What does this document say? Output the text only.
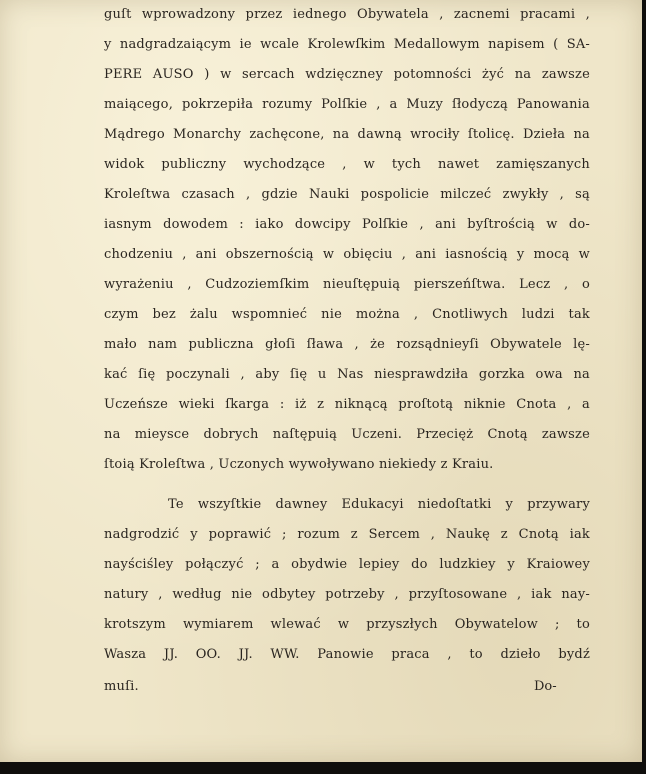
guſt wprowadzony przez iednego Obywatela , zacnemi pracami ,
y nadgradzaiącym ie wcale Krolewſkim Medallowym napisem ( SA-
PERE AUSO ) w sercach wdzięczney potomności żyć na zawsze
maiącego, pokrzepiła rozumy Polſkie , a Muzy ſłodyczą Panowania
Mądrego Monarchy zachęcone, na dawną wrociły ſtolicę. Dzieła na
widok publiczny wychodzące , w tych nawet zamięszanych
Kroleſtwa czasach , gdzie Nauki pospolicie milczeć zwykły , są
iasnym dowodem : iako dowcipy Polſkie , ani byſtrością w do-
chodzeniu , ani obszernością w obięciu , ani iasnością y mocą w
wyrażeniu , Cudzoziemſkim nieuſtępuią pierszeńſtwa. Lecz , o
czym bez żalu wspomnieć nie można , Cnotliwych ludzi tak
mało nam publiczna głoſi ſława , że rozsądnieyſi Obywatele lę-
kać ſię poczynali , aby ſię u Nas niesprawdziła gorzka owa na
Uczeńsze wieki ſkarga : iż z niknącą proſtotą niknie Cnota , a
na mieysce dobrych naſtępuią Uczeni. Przecięż Cnotą zawsze
ſtoią Kroleſtwa , Uczonych wywoływano niekiedy z Kraiu.
Te wszyſtkie dawney Edukacyi niedoſtatki y przywary
nadgrodzić y poprawić ; rozum z Sercem , Naukę z Cnotą iak
nayściśley połączyć ; a obydwie lepiey do ludzkiey y Kraiowey
natury , według nie odbytey potrzeby , przyſtosowane , iak nay-
krotszym wymiarem wlewać w przyszłych Obywatelow ; to
Wasza JJ. OO. JJ. WW. Panowie praca , to dzieło bydź
muſi.	Do-
